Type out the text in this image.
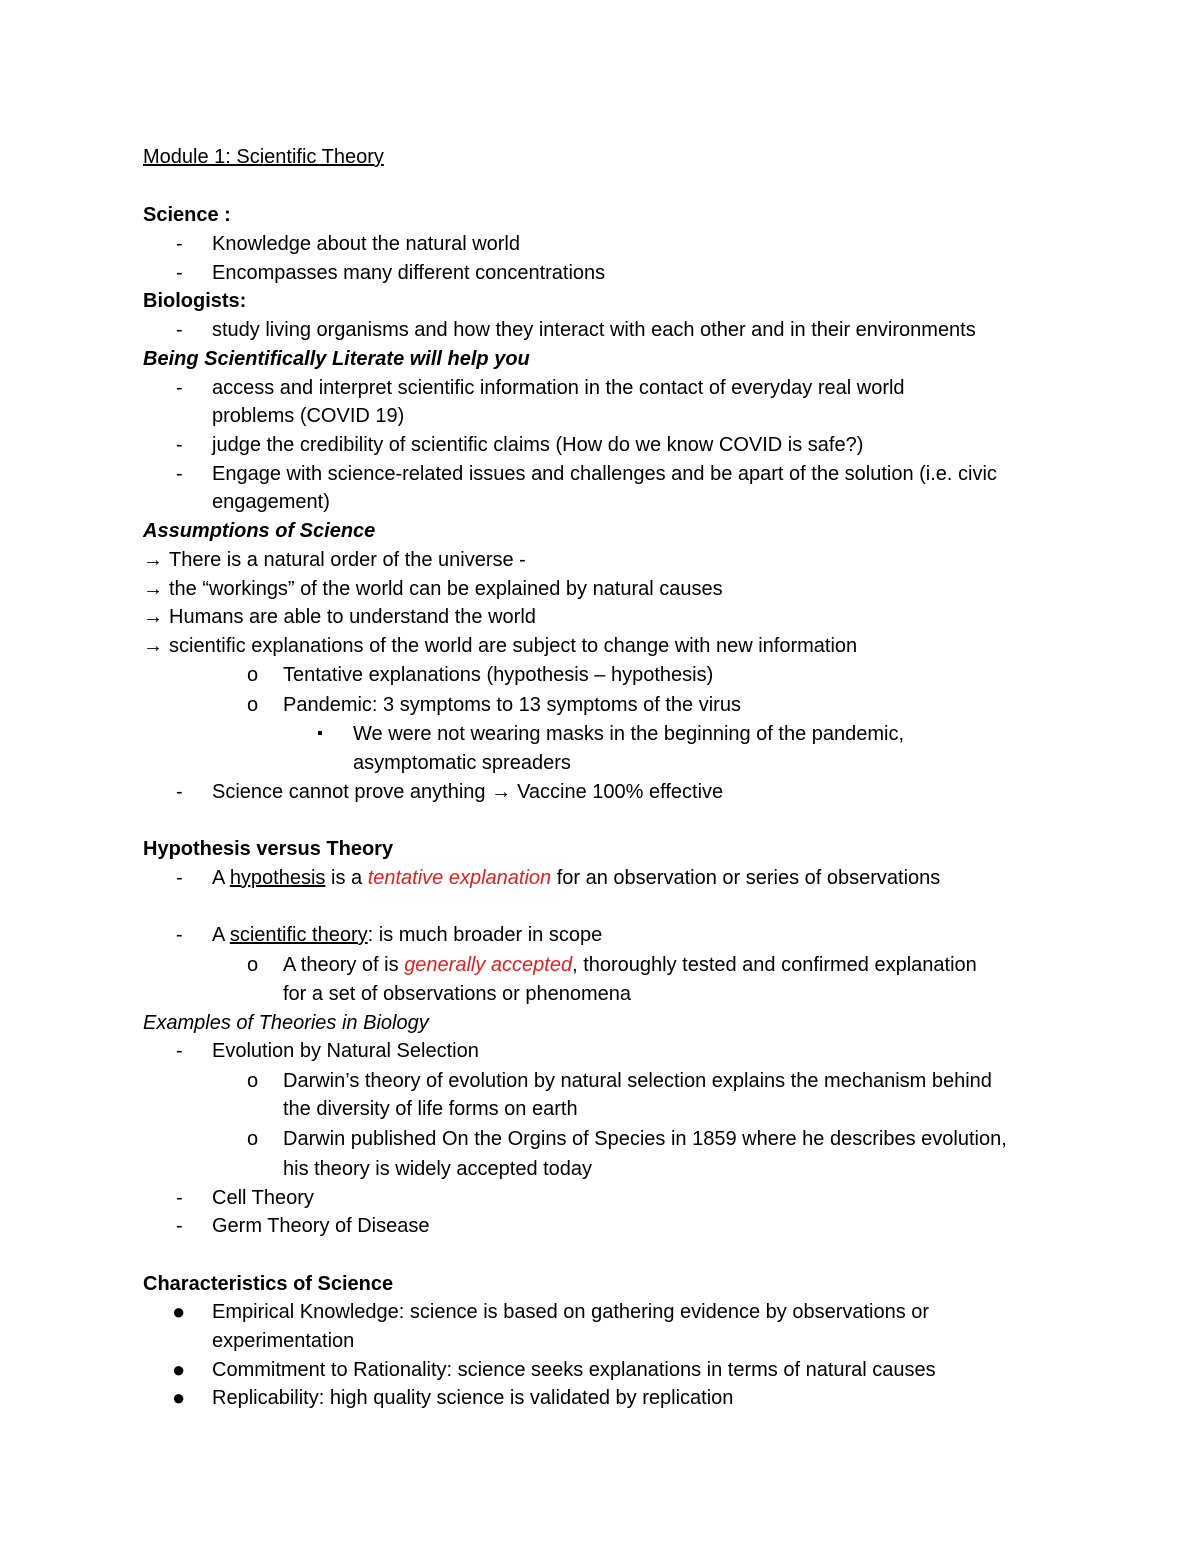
Module 1: Scientific Theory
Science :
- Knowledge about the natural world
- Encompasses many different concentrations
Biologists:
- study living organisms and how they interact with each other and in their environments
Being Scientifically Literate will help you
- access and interpret scientific information in the contact of everyday real world
problems (COVID 19)
- judge the credibility of scientific claims (How do we know COVID is safe?)
- Engage with science-related issues and challenges and be apart of the solution (i.e. civic
engagement)
Assumptions of Science
→ There is a natural order of the universe -
→ the “workings” of the world can be explained by natural causes
→ Humans are able to understand the world
→ scientific explanations of the world are subject to change with new information
o Tentative explanations (hypothesis – hypothesis)
o Pandemic: 3 symptoms to 13 symptoms of the virus
▪ We were not wearing masks in the beginning of the pandemic,
asymptomatic spreaders
- Science cannot prove anything → Vaccine 100% effective
Hypothesis versus Theory
- A hypothesis is a tentative explanation for an observation or series of observations
- A scientific theory: is much broader in scope
o A theory of is generally accepted, thoroughly tested and confirmed explanation
for a set of observations or phenomena
Examples of Theories in Biology
- Evolution by Natural Selection
o Darwin’s theory of evolution by natural selection explains the mechanism behind
the diversity of life forms on earth
o Darwin published On the Orgins of Species in 1859 where he describes evolution,
his theory is widely accepted today
- Cell Theory
- Germ Theory of Disease
Characteristics of Science
● Empirical Knowledge: science is based on gathering evidence by observations or
experimentation
● Commitment to Rationality: science seeks explanations in terms of natural causes
● Replicability: high quality science is validated by replication
